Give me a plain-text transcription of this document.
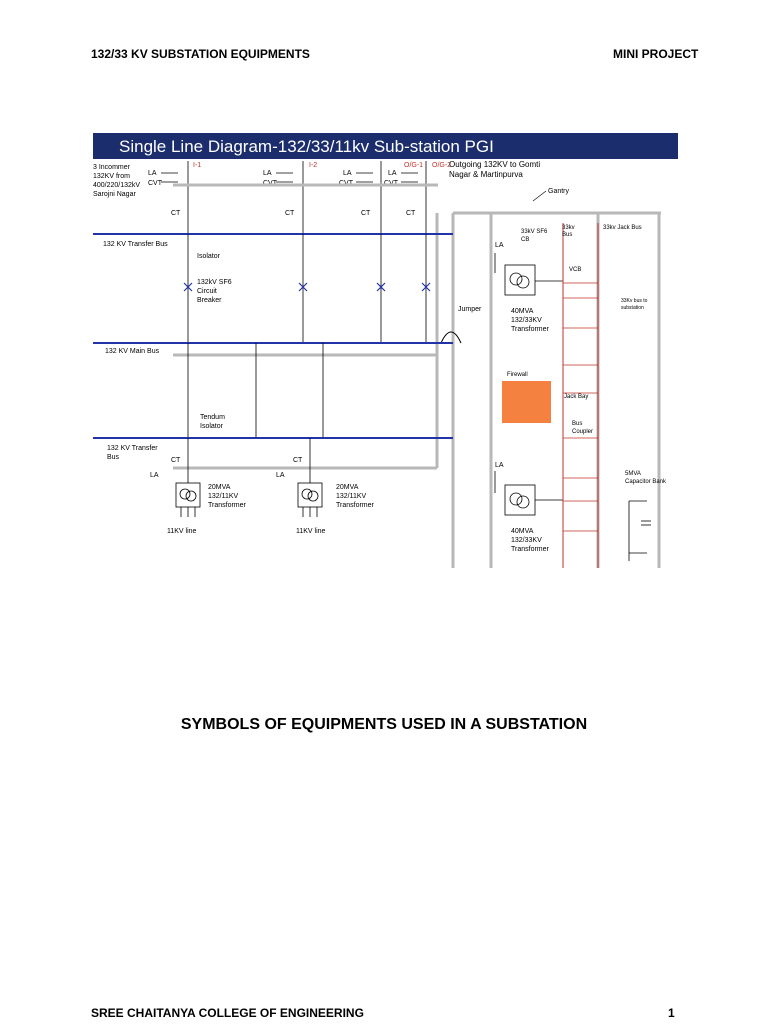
132/33 KV SUBSTATION EQUIPMENTS	MINI PROJECT
Single Line Diagram-132/33/11kv Sub-station PGI
3 Incommer
132KV from
400/220/132kV
Sarojni Nagar
I-1	I-2	O/G-1 O/G-2
Outgoing 132KV to Gomti
Nagar & Martinpurva
Gantry
LA
CVT
LA
CVT
LA
CVT
LA
CVT
CT	CT	CT	CT
132 KV Transfer Bus
Isolator
132kV SF6
Circuit
Breaker
Jumper
132 KV Main Bus
Tendum
Isolator
132 KV Transfer
Bus	CT
LA
CT
LA
20MVA
132/11KV
Transformer
20MVA
132/11KV
Transformer
11KV line	11KV line
LA
40MVA
132/33KV
Transformer
LA
40MVA
132/33KV
Transformer
33kV SF6
CB
Firewall
33kv
Bus
33kv Jack Bus
VCB
33Kv bus to
substation
Jack Bay
Bus
Coupler
5MVA
Capacitor Bank
SYMBOLS OF EQUIPMENTS USED IN A SUBSTATION
SREE CHAITANYA COLLEGE OF ENGINEERING	1
